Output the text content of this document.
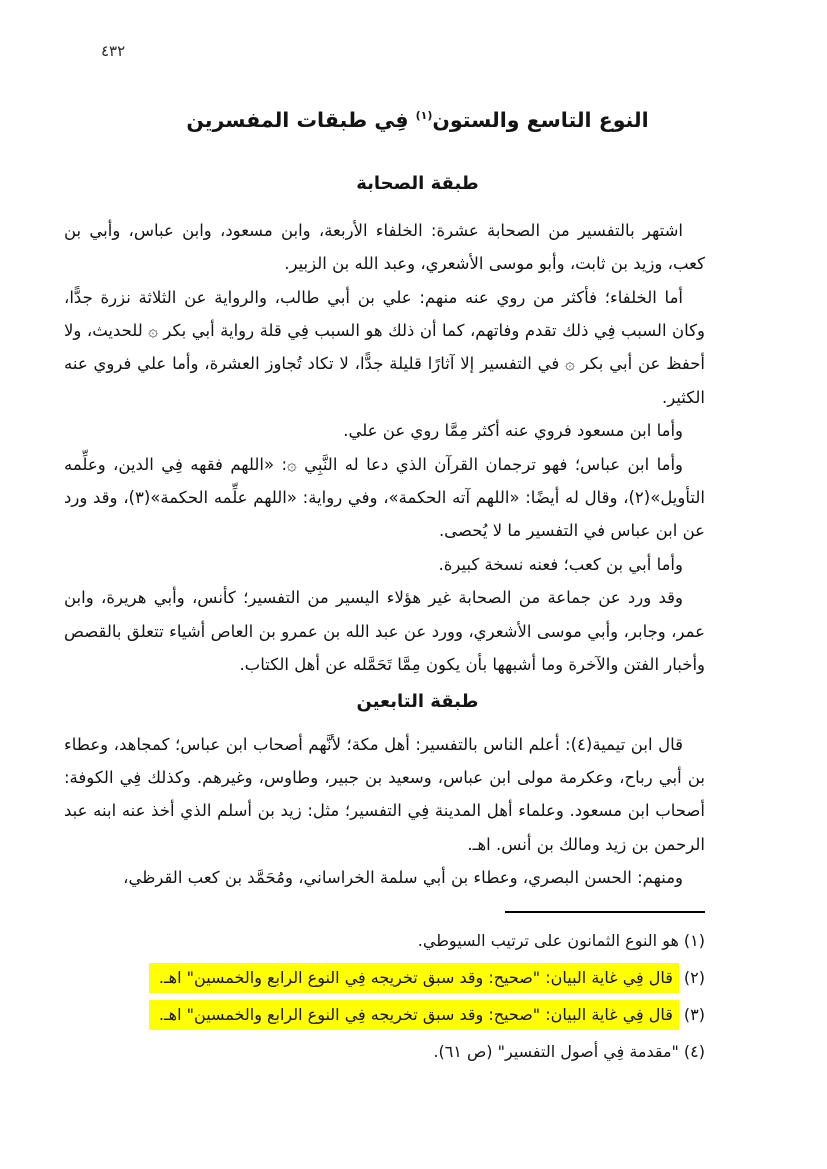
٤٣٢
النوع التاسع والستون$^{(١)}$ فِي طبقات المفسرين
طبقة الصحابة

اشتهر بالتفسير من الصحابة عشرة: الخلفاء الأربعة، وابن مسعود، وابن عباس، وأبي بن كعب، وزيد بن ثابت، وأبو موسى الأشعري، وعبد الله بن الزبير.

أما الخلفاء؛ فأكثر من روي عنه منهم: علي بن أبي طالب، والرواية عن الثلاثة نزرة جدًّا، وكان السبب فِي ذلك تقدم وفاتهم، كما أن ذلك هو السبب فِي قلة رواية أبي بكر ۞ للحديث، ولا أحفظ عن أبي بكر ۞ في التفسير إلا آثارًا قليلة جدًّا، لا تكاد تُجاوز العشرة، وأما علي فروي عنه الكثير.

وأما ابن مسعود فروي عنه أكثر مِمَّا روي عن علي.

وأما ابن عباس؛ فهو ترجمان القرآن الذي دعا له النَّبِي ۞: «اللهم فقهه فِي الدين، وعلِّمه التأويل»(٢)، وقال له أيضًا: «اللهم آته الحكمة»، وفي رواية: «اللهم علِّمه الحكمة»(٣)، وقد ورد عن ابن عباس في التفسير ما لا يُحصى.

وأما أبي بن كعب؛ فعنه نسخة كبيرة.

وقد ورد عن جماعة من الصحابة غير هؤلاء اليسير من التفسير؛ كأنس، وأبي هريرة، وابن عمر، وجابر، وأبي موسى الأشعري، وورد عن عبد الله بن عمرو بن العاص أشياء تتعلق بالقصص وأخبار الفتن والآخرة وما أشبهها بأن يكون مِمَّا تَحَمَّله عن أهل الكتاب.

طبقة التابعين

قال ابن تيمية(٤): أعلم الناس بالتفسير: أهل مكة؛ لأنَّهم أصحاب ابن عباس؛ كمجاهد، وعطاء بن أبي رباح، وعكرمة مولى ابن عباس، وسعيد بن جبير، وطاوس، وغيرهم. وكذلك فِي الكوفة: أصحاب ابن مسعود. وعلماء أهل المدينة فِي التفسير؛ مثل: زيد بن أسلم الذي أخذ عنه ابنه عبد الرحمن بن زيد ومالك بن أنس. اهـ.

ومنهم: الحسن البصري، وعطاء بن أبي سلمة الخراساني، ومُحَمَّد بن كعب القرظي،

(١)هو النوع الثمانون على ترتيب السيوطي.
(٢)قال فِي غاية البيان: "صحيح: وقد سبق تخريجه فِي النوع الرابع والخمسين" اهـ.
(٣)قال فِي غاية البيان: "صحيح: وقد سبق تخريجه فِي النوع الرابع والخمسين" اهـ.
(٤)"مقدمة فِي أصول التفسير" (ص ٦١).
